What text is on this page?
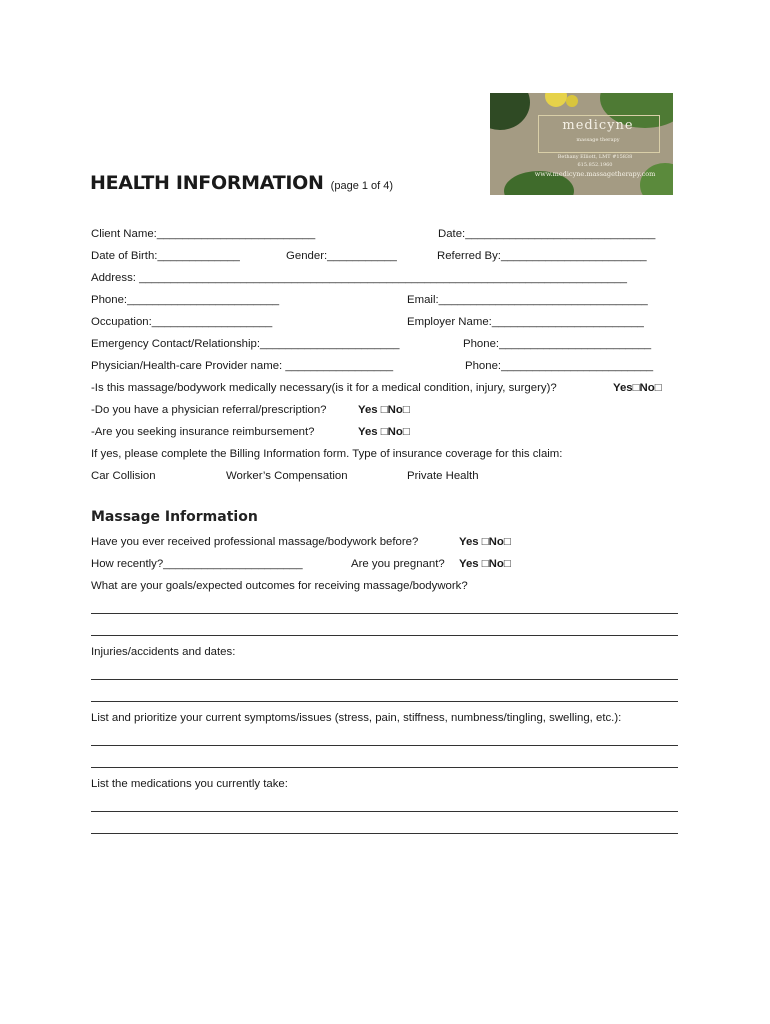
medicyne
massage therapy
Bethany Elliott, LMT #15838
615.852.1960
www.medicyne.massagetherapy.com
HEALTH INFORMATION (page 1 of 4)
Client Name:_________________________	Date:______________________________
Date of Birth:_____________	Gender:___________	Referred By:_______________________
Address: _____________________________________________________________________________
Phone:________________________	Email:_________________________________
Occupation:___________________	Employer Name:________________________
Emergency Contact/Relationship:______________________	Phone:________________________
Physician/Health-care Provider name: _________________	Phone:________________________
-Is this massage/bodywork medically necessary(is it for a medical condition, injury, surgery)?	Yes□No□
-Do you have a physician referral/prescription?	Yes □No□
-Are you seeking insurance reimbursement?	Yes □No□
If yes, please complete the Billing Information form. Type of insurance coverage for this claim:
Car Collision	Worker’s Compensation	Private Health
Massage Information
Have you ever received professional massage/bodywork before?	Yes □No□
How recently?______________________	Are you pregnant? Yes □No□
What are your goals/expected outcomes for receiving massage/bodywork?
Injuries/accidents and dates:
List and prioritize your current symptoms/issues (stress, pain, stiffness, numbness/tingling, swelling, etc.):
List the medications you currently take:
